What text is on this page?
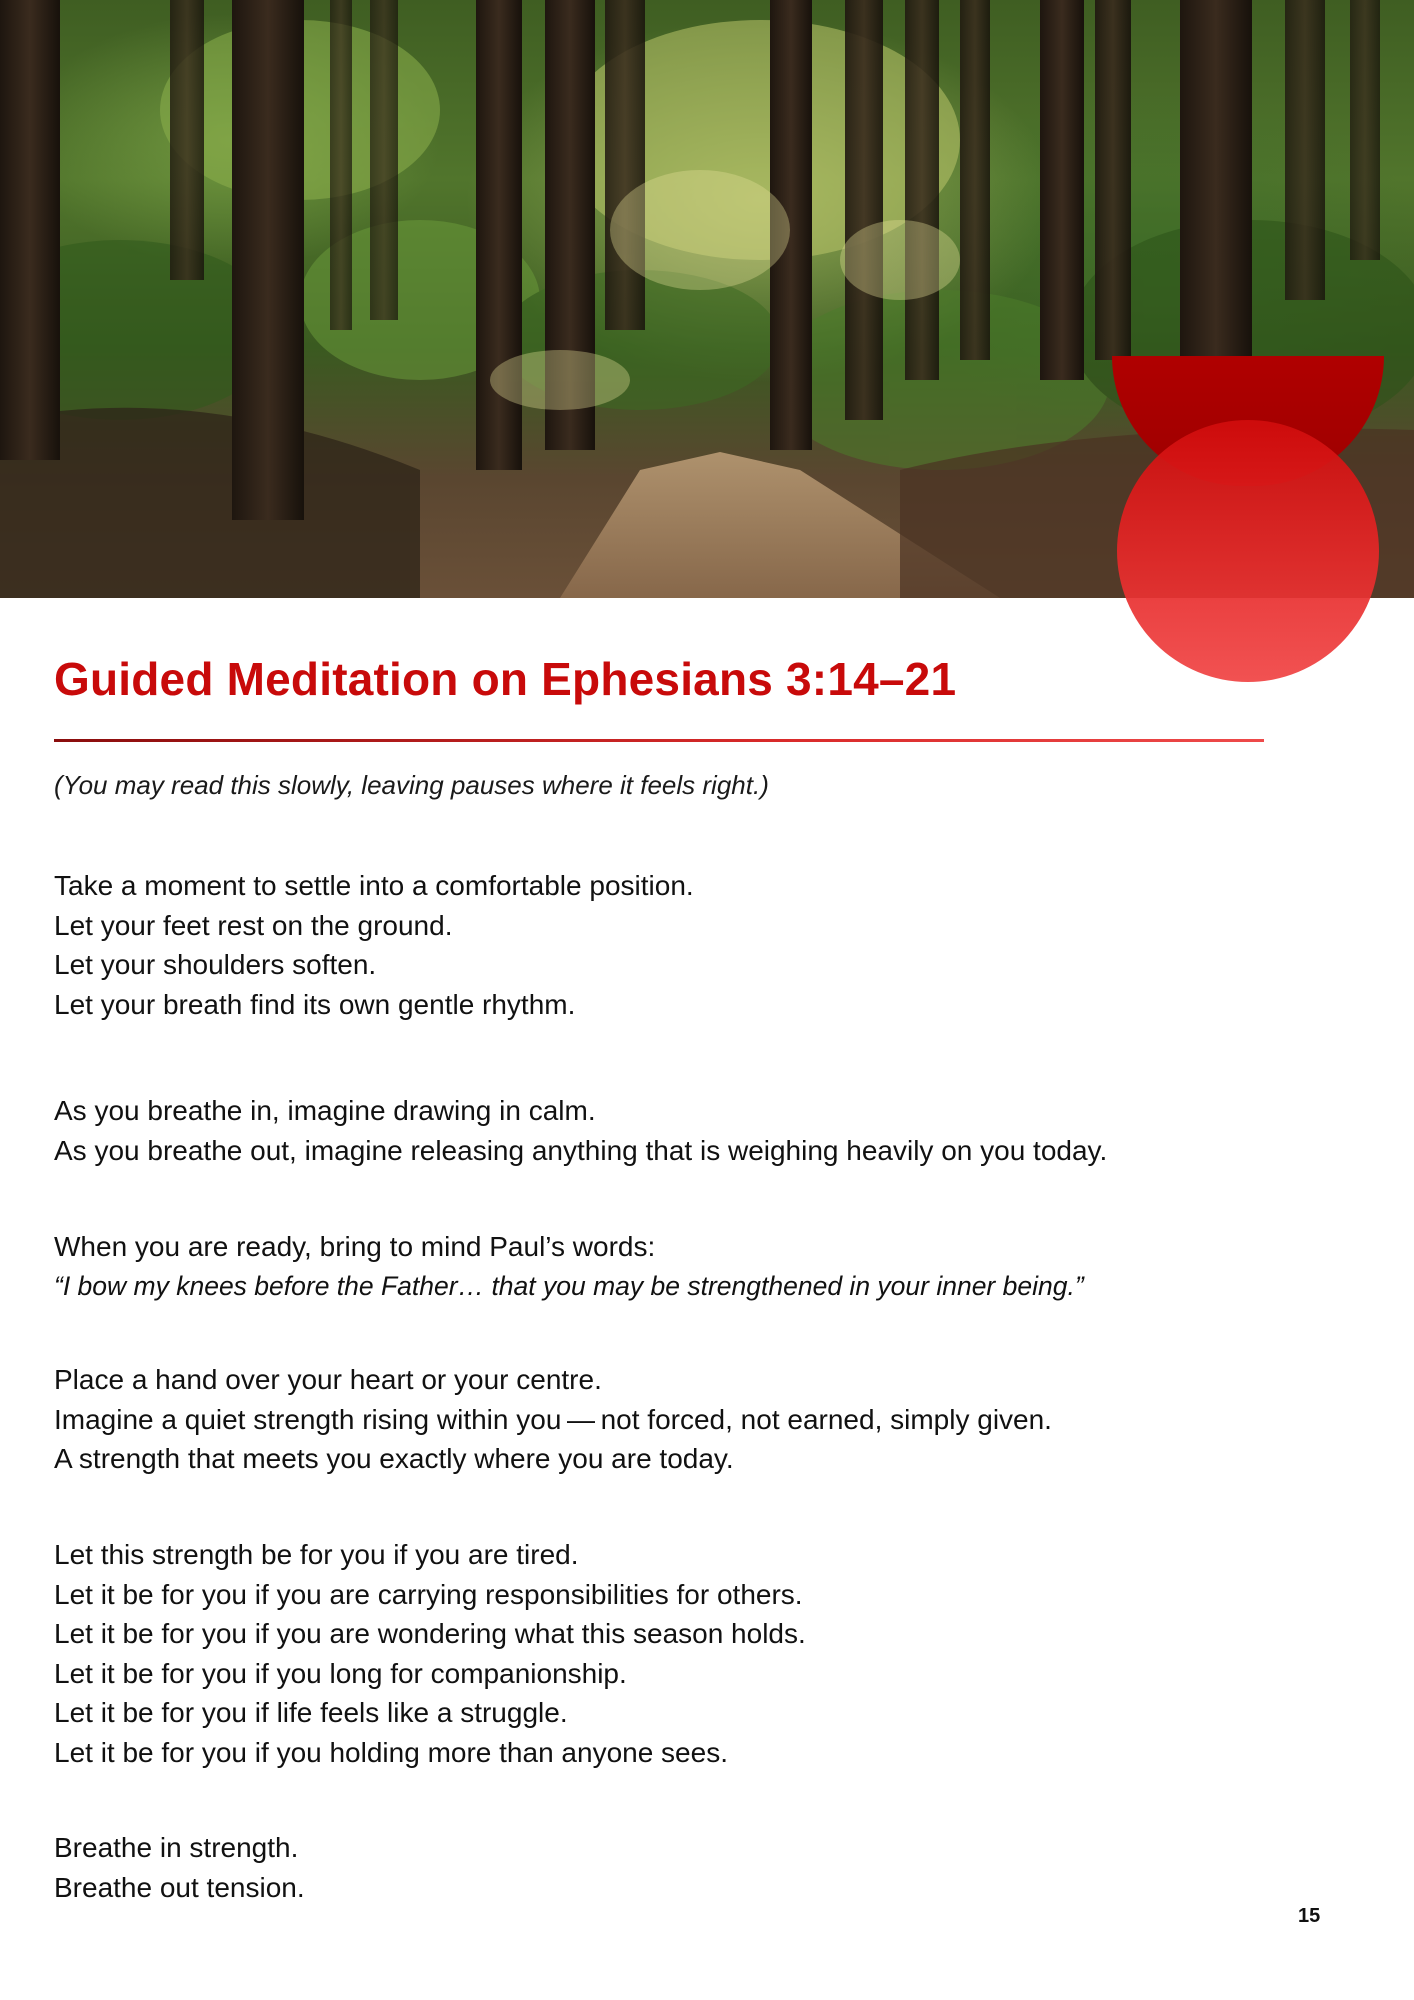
Guided Meditation on Ephesians 3:14–21
(You may read this slowly, leaving pauses where it feels right.)
Take a moment to settle into a comfortable position.
Let your feet rest on the ground.
Let your shoulders soften.
Let your breath find its own gentle rhythm.
As you breathe in, imagine drawing in calm.
As you breathe out, imagine releasing anything that is weighing heavily on you today.
When you are ready, bring to mind Paul’s words:
“I bow my knees before the Father… that you may be strengthened in your inner being.”
Place a hand over your heart or your centre.
Imagine a quiet strength rising within you — not forced, not earned, simply given.
A strength that meets you exactly where you are today.
Let this strength be for you if you are tired.
Let it be for you if you are carrying responsibilities for others.
Let it be for you if you are wondering what this season holds.
Let it be for you if you long for companionship.
Let it be for you if life feels like a struggle.
Let it be for you if you holding more than anyone sees.
Breathe in strength.
Breathe out tension.
15
